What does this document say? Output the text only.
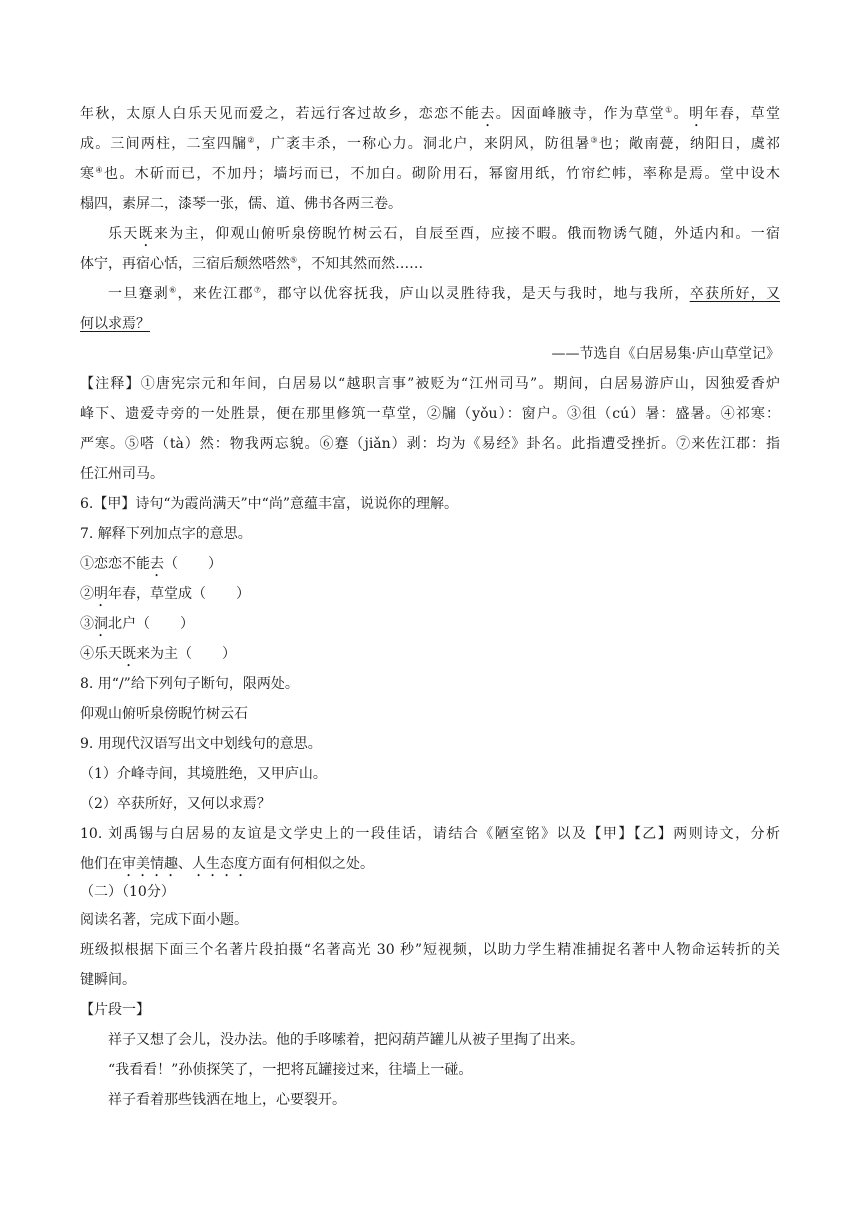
年秋，太原人白乐天见而爱之，若远行客过故乡，恋恋不能去。因面峰腋寺，作为草堂①。明年春，草堂
成。三间两柱，二室四牖②，广袤丰杀，一称心力。洞北户，来阴风，防徂暑③也；敞南甍，纳阳日，虞祁
寒④也。木斫而已，不加丹；墙圬而已，不加白。砌阶用石，幂窗用纸，竹帘纻帏，率称是焉。堂中设木
榻四，素屏二，漆琴一张，儒、道、佛书各两三卷。
乐天既来为主，仰观山俯听泉傍睨竹树云石，自辰至酉，应接不暇。俄而物诱气随，外适内和。一宿
体宁，再宿心恬，三宿后颓然嗒然⑤，不知其然而然……
一旦蹇剥⑥，来佐江郡⑦，郡守以优容抚我，庐山以灵胜待我，是天与我时，地与我所，卒获所好，又
何以求焉？
——节选自《白居易集·庐山草堂记》
【注释】①唐宪宗元和年间，白居易以“越职言事”被贬为“江州司马”。期间，白居易游庐山，因独爱香炉
峰下、遗爱寺旁的一处胜景，便在那里修筑一草堂，②牖（yǒu）：窗户。③徂（cú）暑：盛暑。④祁寒：
严寒。⑤嗒（tà）然：物我两忘貌。⑥蹇（jiǎn）剥：均为《易经》卦名。此指遭受挫折。⑦来佐江郡：指
任江州司马。
6.【甲】诗句“为霞尚满天”中“尚”意蕴丰富，说说你的理解。
7. 解释下列加点字的意思。
①恋恋不能去（ ）
②明年春，草堂成（ ）
③洞北户（ ）
④乐天既来为主（ ）
8. 用“/”给下列句子断句，限两处。
仰观山俯听泉傍睨竹树云石
9. 用现代汉语写出文中划线句的意思。
（1）介峰寺间，其境胜绝，又甲庐山。
（2）卒获所好，又何以求焉？
10. 刘禹锡与白居易的友谊是文学史上的一段佳话，请结合《陋室铭》以及【甲】【乙】两则诗文，分析
他们在审美情趣、人生态度方面有何相似之处。
（二）（10分）
阅读名著，完成下面小题。
班级拟根据下面三个名著片段拍摄“名著高光 30 秒”短视频，以助力学生精准捕捉名著中人物命运转折的关
键瞬间。
【片段一】
祥子又想了会儿，没办法。他的手哆嗦着，把闷葫芦罐儿从被子里掏了出来。
“我看看！”孙侦探笑了，一把将瓦罐接过来，往墙上一碰。
祥子看着那些钱洒在地上，心要裂开。
